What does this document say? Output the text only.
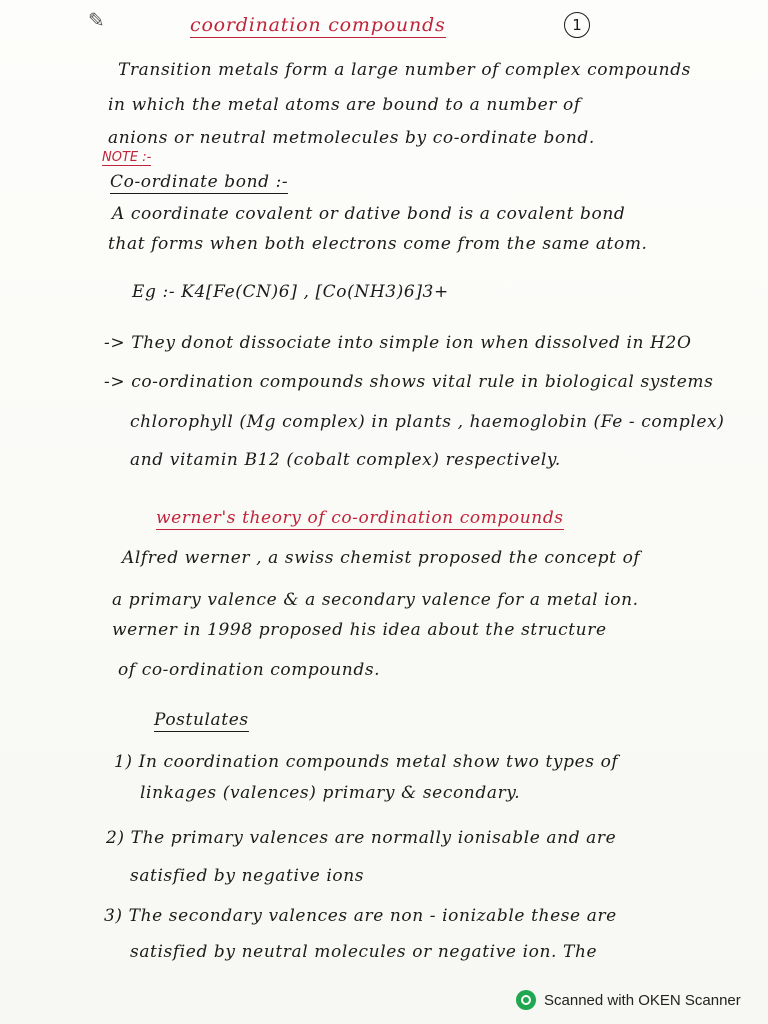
✎	coordination compounds	1
Transition metals form a large number of complex compounds
in which the metal atoms are bound to a number of
anions or neutral metmolecules by co-ordinate bond.
NOTE :-
Co-ordinate bond :-
A coordinate covalent or dative bond is a covalent bond
that forms when both electrons come from the same atom.
Eg :- K4[Fe(CN)6] , [Co(NH3)6]3+
-> They donot dissociate into simple ion when dissolved in H2O
-> co-ordination compounds shows vital rule in biological systems
chlorophyll (Mg complex) in plants , haemoglobin (Fe - complex)
and vitamin B12 (cobalt complex) respectively.
werner's theory of co-ordination compounds
Alfred werner , a swiss chemist proposed the concept of
a primary valence & a secondary valence for a metal ion.
werner in 1998 proposed his idea about the structure
of co-ordination compounds.
Postulates
1) In coordination compounds metal show two types of
linkages (valences) primary & secondary.
2) The primary valences are normally ionisable and are
satisfied by negative ions
3) The secondary valences are non - ionizable these are
satisfied by neutral molecules or negative ion. The
Scanned with OKEN Scanner
